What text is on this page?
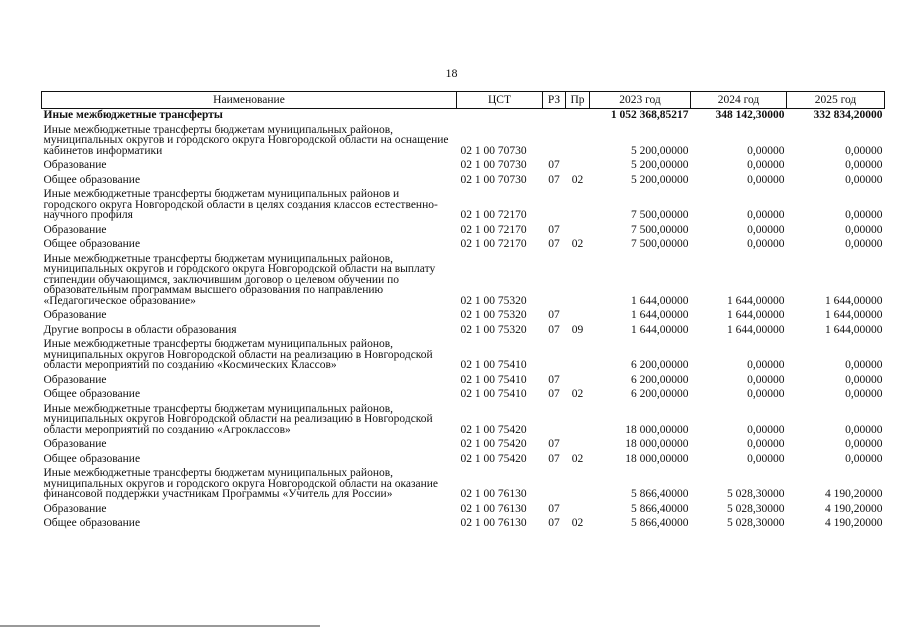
18
Наименование	ЦСТ	РЗ	Пр	2023 год	2024 год	2025 год
Иные межбюджетные трансферты				1 052 368,85217	348 142,30000	332 834,20000
Иные межбюджетные трансферты бюджетам муниципальных районов, муниципальных округов и городского округа Новгородской области на оснащение кабинетов информатики	02 1 00 70730			5 200,00000	0,00000	0,00000
Образование	02 1 00 70730	07		5 200,00000	0,00000	0,00000
Общее образование	02 1 00 70730	07	02	5 200,00000	0,00000	0,00000
Иные межбюджетные трансферты бюджетам муниципальных районов и городского округа Новгородской области в целях создания классов естественно-научного профиля	02 1 00 72170			7 500,00000	0,00000	0,00000
Образование	02 1 00 72170	07		7 500,00000	0,00000	0,00000
Общее образование	02 1 00 72170	07	02	7 500,00000	0,00000	0,00000
Иные межбюджетные трансферты бюджетам муниципальных районов, муниципальных округов и городского округа Новгородской области на выплату стипендии обучающимся, заключившим договор о целевом обучении по образовательным программам высшего образования по направлению «Педагогическое образование»	02 1 00 75320			1 644,00000	1 644,00000	1 644,00000
Образование	02 1 00 75320	07		1 644,00000	1 644,00000	1 644,00000
Другие вопросы в области образования	02 1 00 75320	07	09	1 644,00000	1 644,00000	1 644,00000
Иные межбюджетные трансферты бюджетам муниципальных районов, муниципальных округов Новгородской области на реализацию в Новгородской области мероприятий по созданию «Космических Классов»	02 1 00 75410			6 200,00000	0,00000	0,00000
Образование	02 1 00 75410	07		6 200,00000	0,00000	0,00000
Общее образование	02 1 00 75410	07	02	6 200,00000	0,00000	0,00000
Иные межбюджетные трансферты бюджетам муниципальных районов, муниципальных округов Новгородской области на реализацию в Новгородской области мероприятий по созданию «Агроклассов»	02 1 00 75420			18 000,00000	0,00000	0,00000
Образование	02 1 00 75420	07		18 000,00000	0,00000	0,00000
Общее образование	02 1 00 75420	07	02	18 000,00000	0,00000	0,00000
Иные межбюджетные трансферты бюджетам муниципальных районов, муниципальных округов и городского округа Новгородской области на оказание финансовой поддержки участникам Программы «Учитель для России»	02 1 00 76130			5 866,40000	5 028,30000	4 190,20000
Образование	02 1 00 76130	07		5 866,40000	5 028,30000	4 190,20000
Общее образование	02 1 00 76130	07	02	5 866,40000	5 028,30000	4 190,20000
